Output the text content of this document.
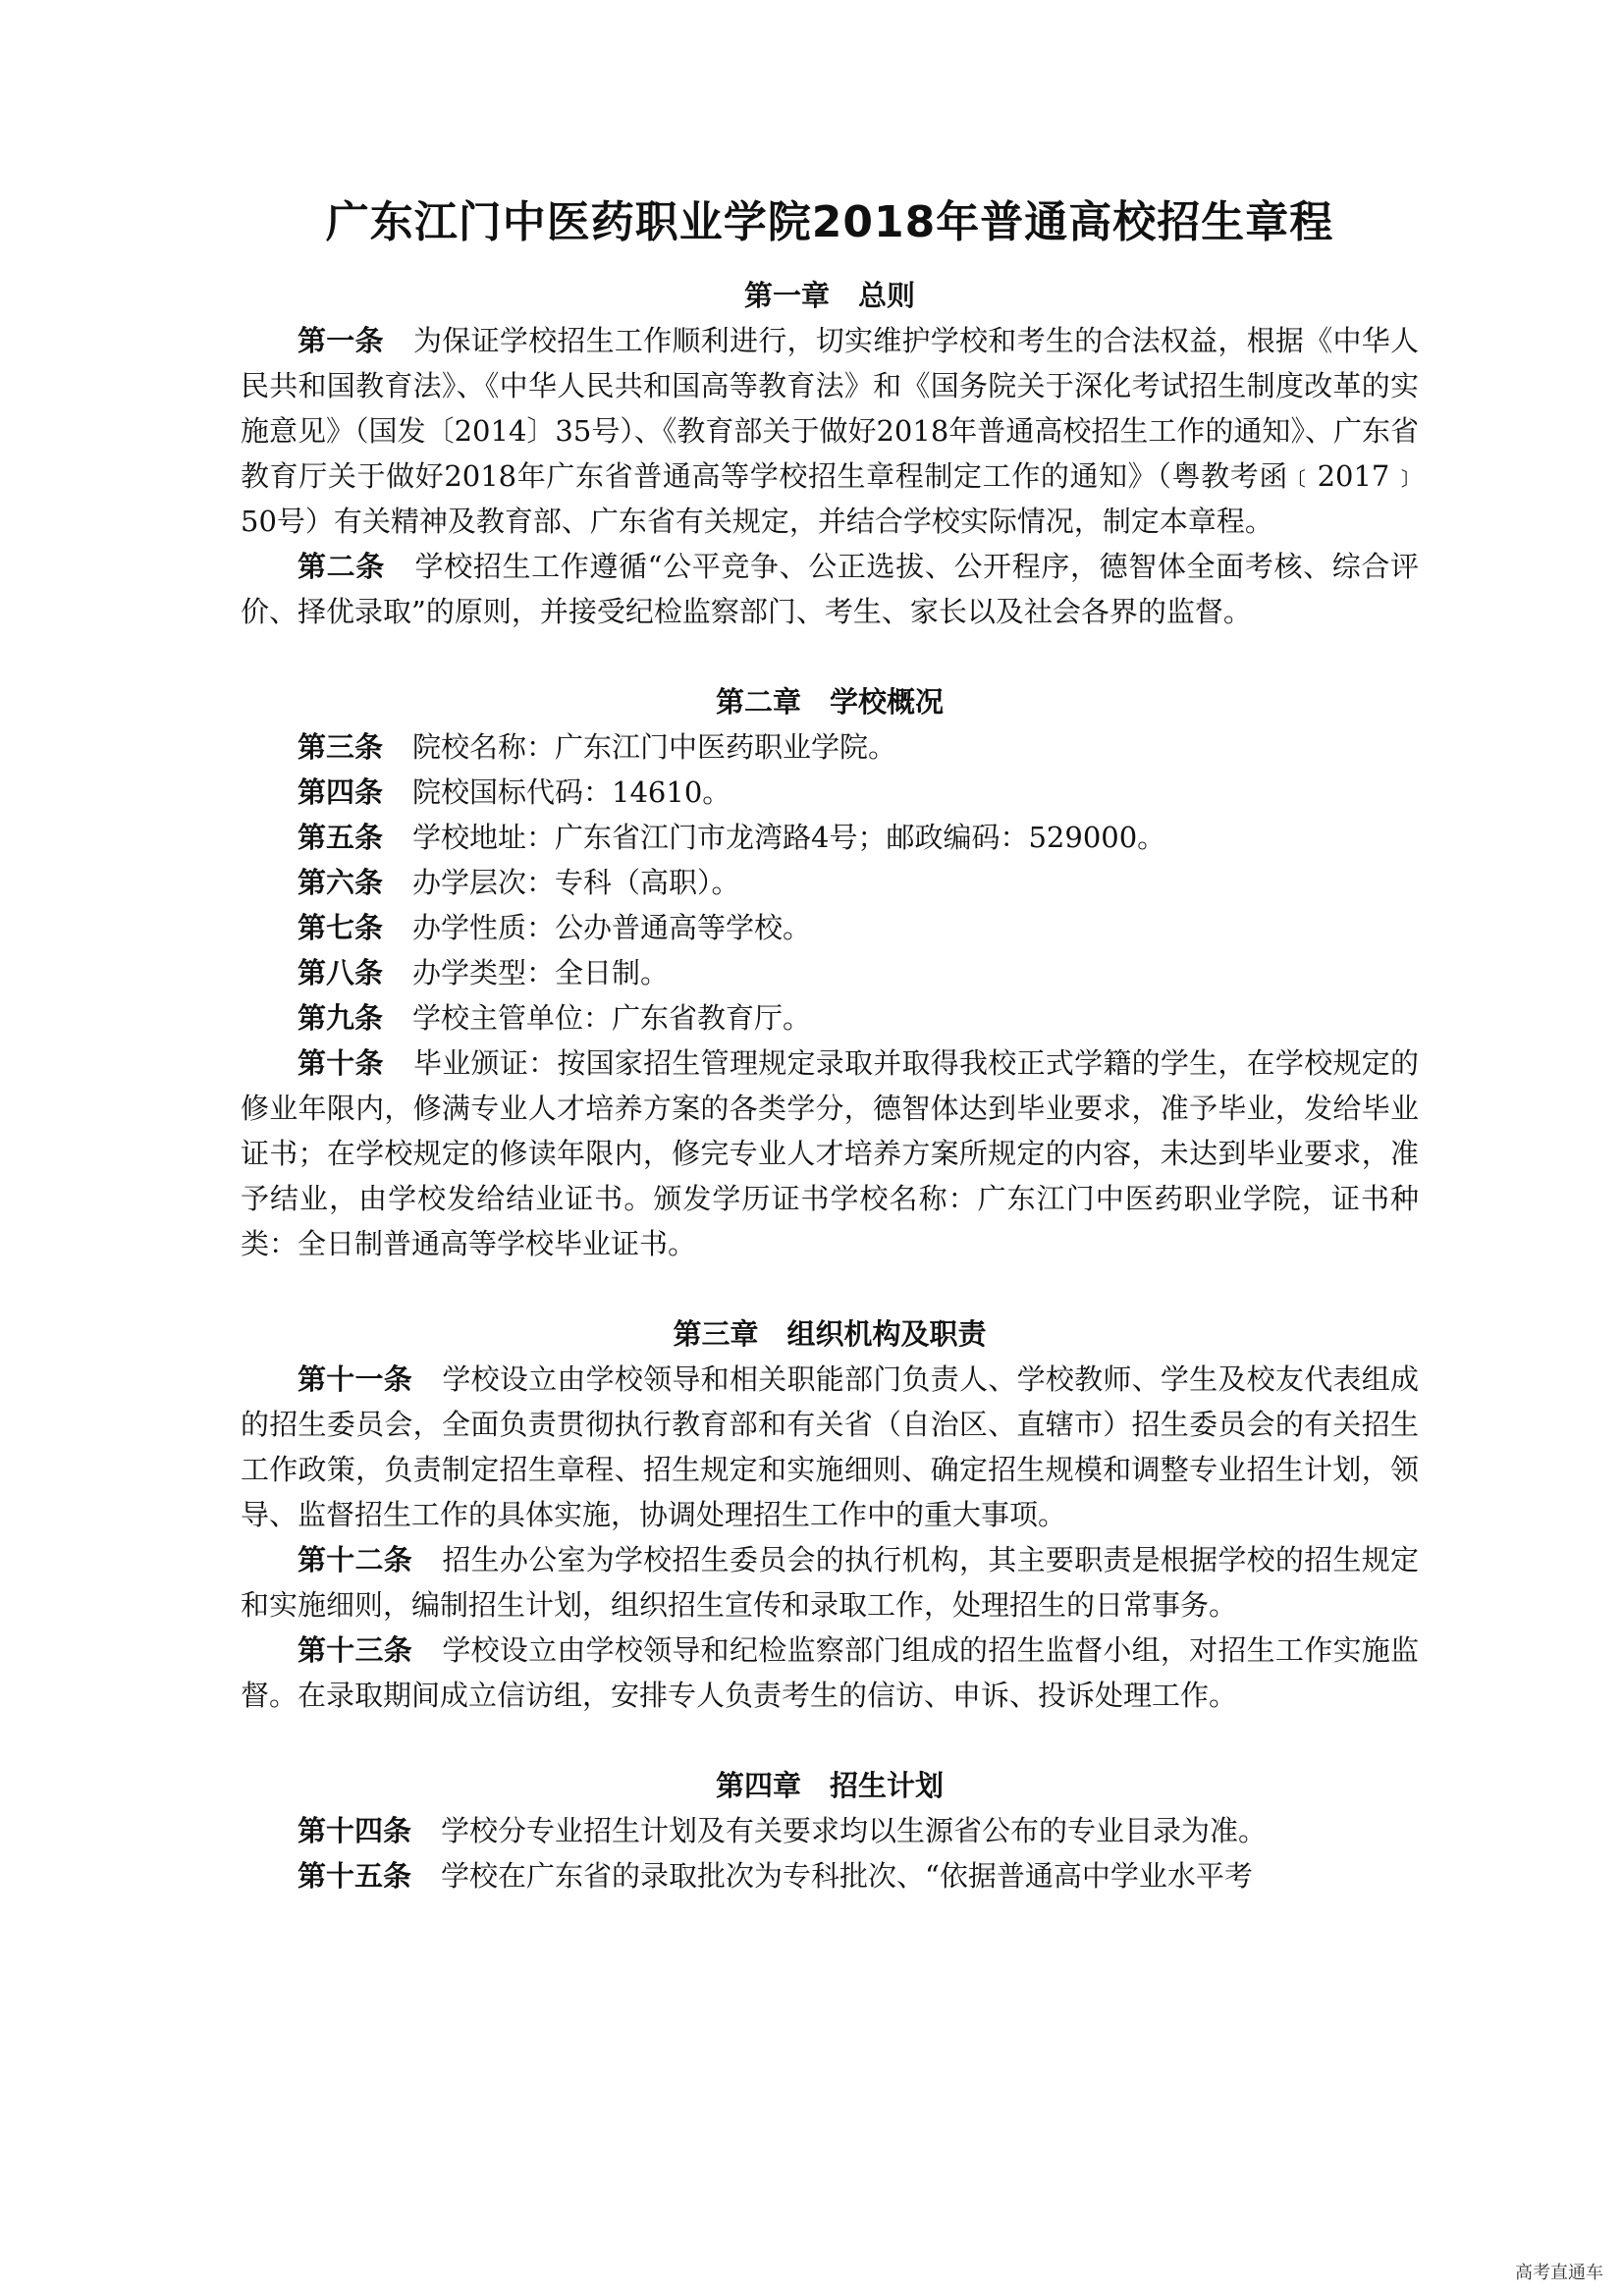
广东江门中医药职业学院2018年普通高校招生章程
第一章　总则

第一条 为保证学校招生工作顺利进行，切实维护学校和考生的合法权益，根据《中华人民共和国教育法》、《中华人民共和国高等教育法》和《国务院关于深化考试招生制度改革的实施意见》（国发〔2014〕35号）、《教育部关于做好2018年普通高校招生工作的通知》、广东省教育厅关于做好2018年广东省普通高等学校招生章程制定工作的通知》（粤教考函﹝2017﹞50号）有关精神及教育部、广东省有关规定，并结合学校实际情况，制定本章程。

第二条 学校招生工作遵循“公平竞争、公正选拔、公开程序，德智体全面考核、综合评价、择优录取”的原则，并接受纪检监察部门、考生、家长以及社会各界的监督。

第二章　学校概况

第三条 院校名称：广东江门中医药职业学院。

第四条 院校国标代码：14610。

第五条 学校地址：广东省江门市龙湾路4号；邮政编码：529000。

第六条 办学层次：专科（高职）。

第七条 办学性质：公办普通高等学校。

第八条 办学类型：全日制。

第九条 学校主管单位：广东省教育厅。

第十条 毕业颁证：按国家招生管理规定录取并取得我校正式学籍的学生，在学校规定的修业年限内，修满专业人才培养方案的各类学分，德智体达到毕业要求，准予毕业，发给毕业证书；在学校规定的修读年限内，修完专业人才培养方案所规定的内容，未达到毕业要求，准予结业，由学校发给结业证书。颁发学历证书学校名称：广东江门中医药职业学院，证书种类：全日制普通高等学校毕业证书。

第三章　组织机构及职责

第十一条 学校设立由学校领导和相关职能部门负责人、学校教师、学生及校友代表组成的招生委员会，全面负责贯彻执行教育部和有关省（自治区、直辖市）招生委员会的有关招生工作政策，负责制定招生章程、招生规定和实施细则、确定招生规模和调整专业招生计划，领导、监督招生工作的具体实施，协调处理招生工作中的重大事项。

第十二条 招生办公室为学校招生委员会的执行机构，其主要职责是根据学校的招生规定和实施细则，编制招生计划，组织招生宣传和录取工作，处理招生的日常事务。

第十三条 学校设立由学校领导和纪检监察部门组成的招生监督小组，对招生工作实施监督。在录取期间成立信访组，安排专人负责考生的信访、申诉、投诉处理工作。

第四章　招生计划

第十四条 学校分专业招生计划及有关要求均以生源省公布的专业目录为准。

第十五条 学校在广东省的录取批次为专科批次、“依据普通高中学业水平考

高考直通车
